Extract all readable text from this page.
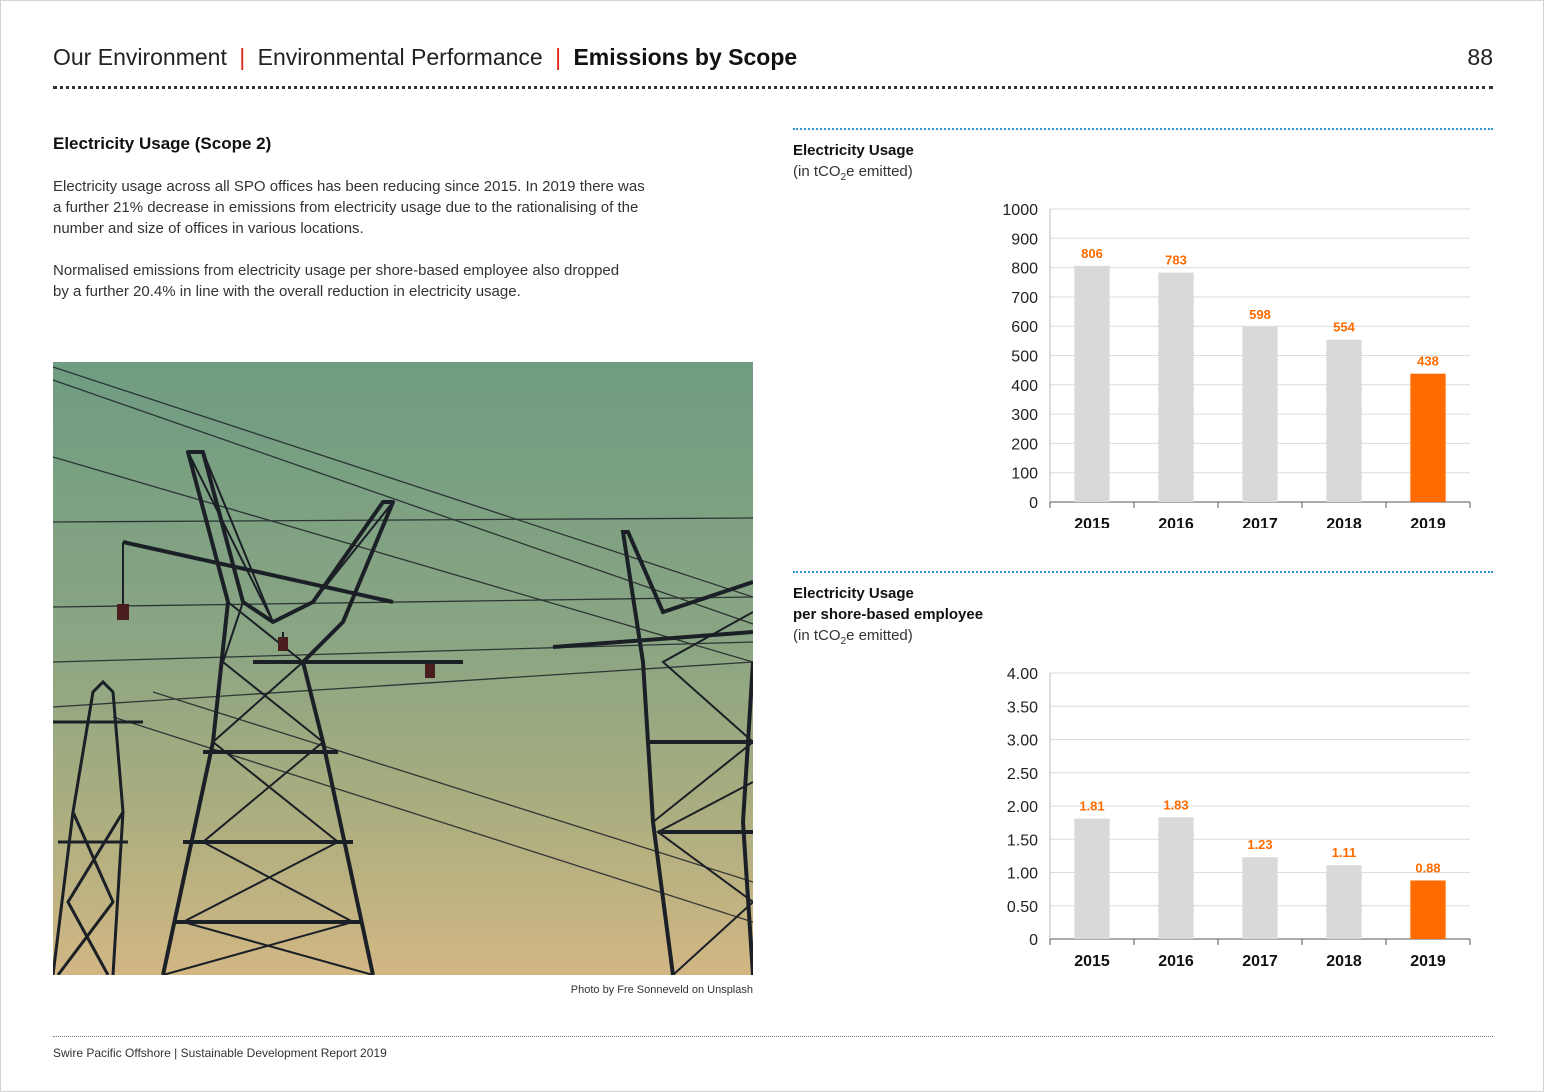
Our Environment | Environmental Performance | Emissions by Scope	88
Electricity Usage (Scope 2)
Electricity usage across all SPO offices has been reducing since 2015. In 2019 there was
a further 21% decrease in emissions from electricity usage due to the rationalising of the
number and size of offices in various locations.
Normalised emissions from electricity usage per shore-based employee also dropped
by a further 20.4% in line with the overall reduction in electricity usage.
Photo by Fre Sonneveld on Unsplash
Electricity Usage
(in tCO$_2$e emitted)
0
100
200
300
400
500
600
700
800
900
1000
806
2015
783
2016
598
2017
554
2018
438
2019
Electricity Usage
per shore-based employee
(in tCO$_2$e emitted)
0
0.50
1.00
1.50
2.00
2.50
3.00
3.50
4.00
1.81
2015
1.83
2016
1.23
2017
1.11
2018
0.88
2019
Swire Pacific Offshore | Sustainable Development Report 2019
